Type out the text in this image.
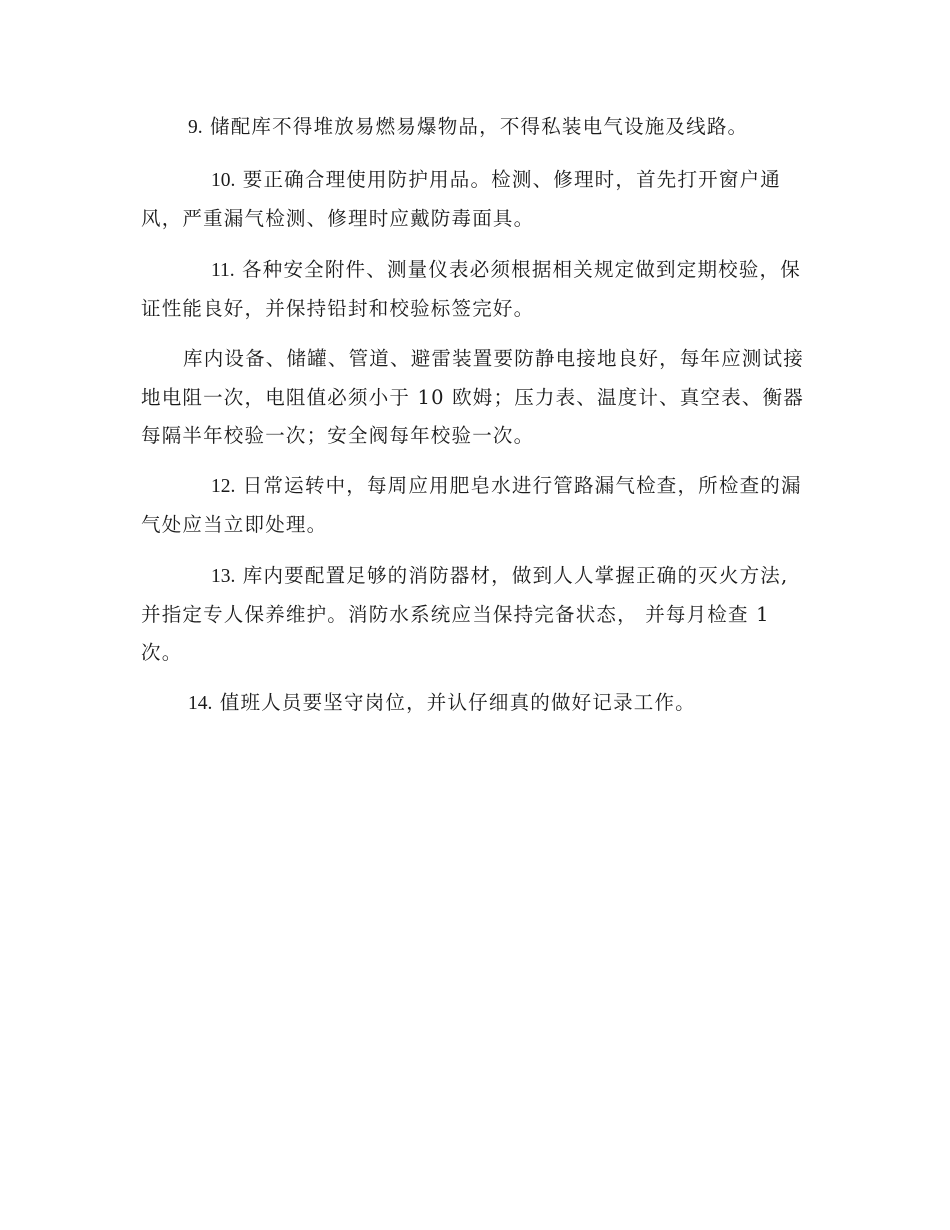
9. 储配库不得堆放易燃易爆物品，不得私装电气设施及线路。

10. 要正确合理使用防护用品。检测、修理时，首先打开窗户通风，严重漏气检测、修理时应戴防毒面具。

11. 各种安全附件、测量仪表必须根据相关规定做到定期校验，保证性能良好，并保持铅封和校验标签完好。

库内设备、储罐、管道、避雷装置要防静电接地良好，每年应测试接地电阻一次，电阻值必须小于 10 欧姆；压力表、温度计、真空表、衡器每隔半年校验一次；安全阀每年校验一次。

12. 日常运转中，每周应用肥皂水进行管路漏气检查，所检查的漏气处应当立即处理。

13. 库内要配置足够的消防器材，做到人人掌握正确的灭火方法,并指定专人保养维护。消防水系统应当保持完备状态， 并每月检查 1 次。

14. 值班人员要坚守岗位，并认仔细真的做好记录工作。
